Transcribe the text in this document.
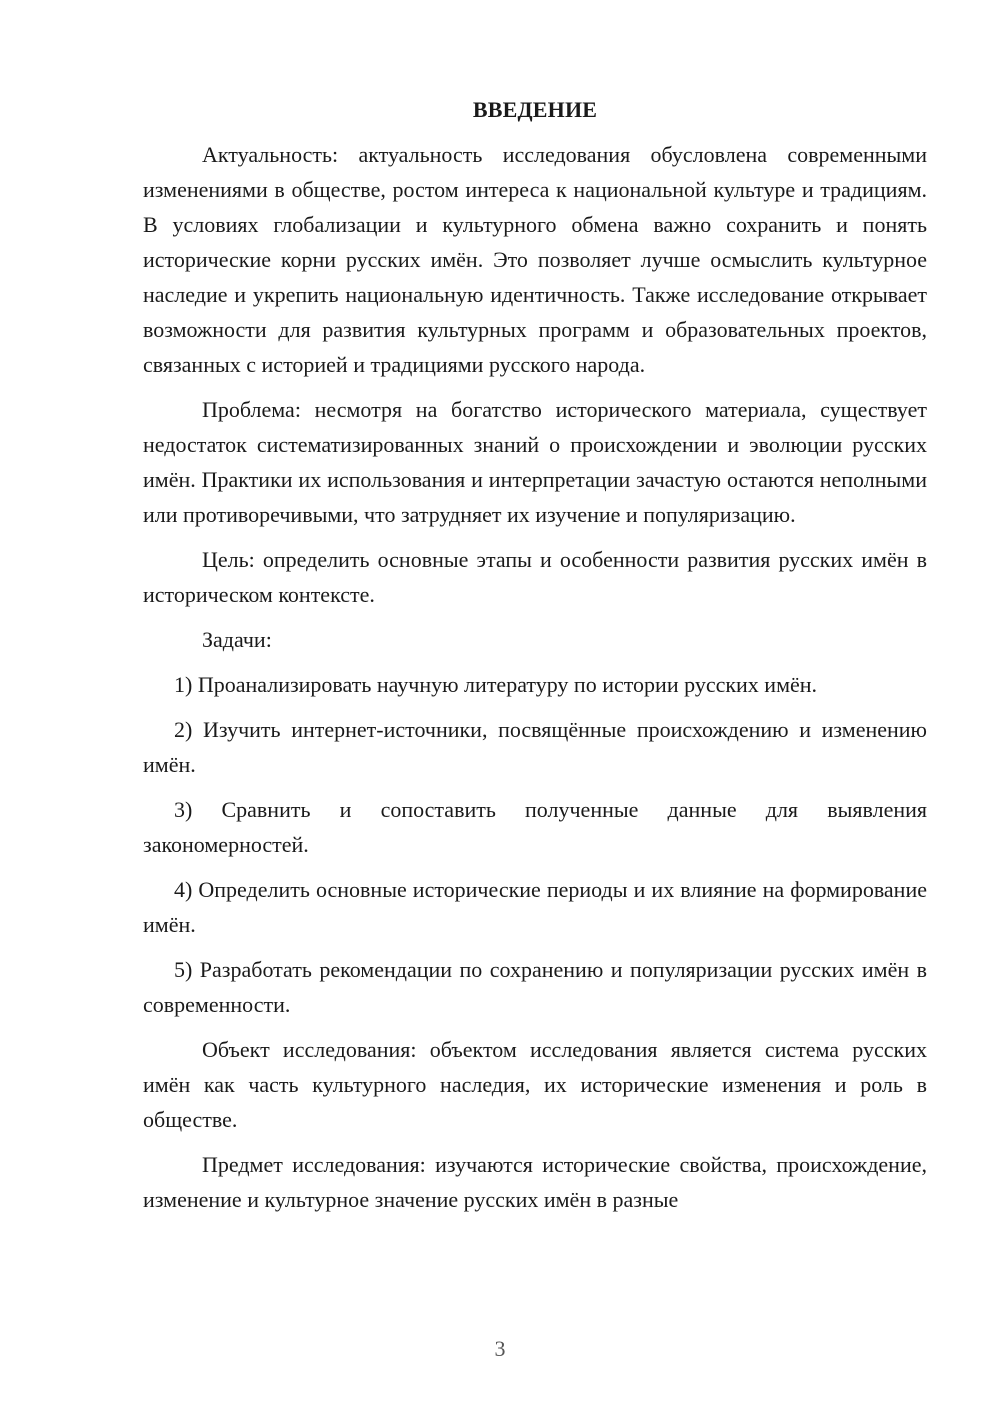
ВВЕДЕНИЕ

Актуальность: актуальность исследования обусловлена современными изменениями в обществе, ростом интереса к национальной культуре и традициям. В условиях глобализации и культурного обмена важно сохранить и понять исторические корни русских имён. Это позволяет лучше осмыслить культурное наследие и укрепить национальную идентичность. Также исследование открывает возможности для развития культурных программ и образовательных проектов, связанных с историей и традициями русского народа.

Проблема: несмотря на богатство исторического материала, существует недостаток систематизированных знаний о происхождении и эволюции русских имён. Практики их использования и интерпретации зачастую остаются неполными или противоречивыми, что затрудняет их изучение и популяризацию.

Цель: определить основные этапы и особенности развития русских имён в историческом контексте.

Задачи:

1) Проанализировать научную литературу по истории русских имён.

2) Изучить интернет-источники, посвящённые происхождению и изменению имён.

3) Сравнить и сопоставить полученные данные для выявления закономерностей.

4) Определить основные исторические периоды и их влияние на формирование имён.

5) Разработать рекомендации по сохранению и популяризации русских имён в современности.

Объект исследования: объектом исследования является система русских имён как часть культурного наследия, их исторические изменения и роль в обществе.

Предмет исследования: изучаются исторические свойства, происхождение, изменение и культурное значение русских имён в разные

3
